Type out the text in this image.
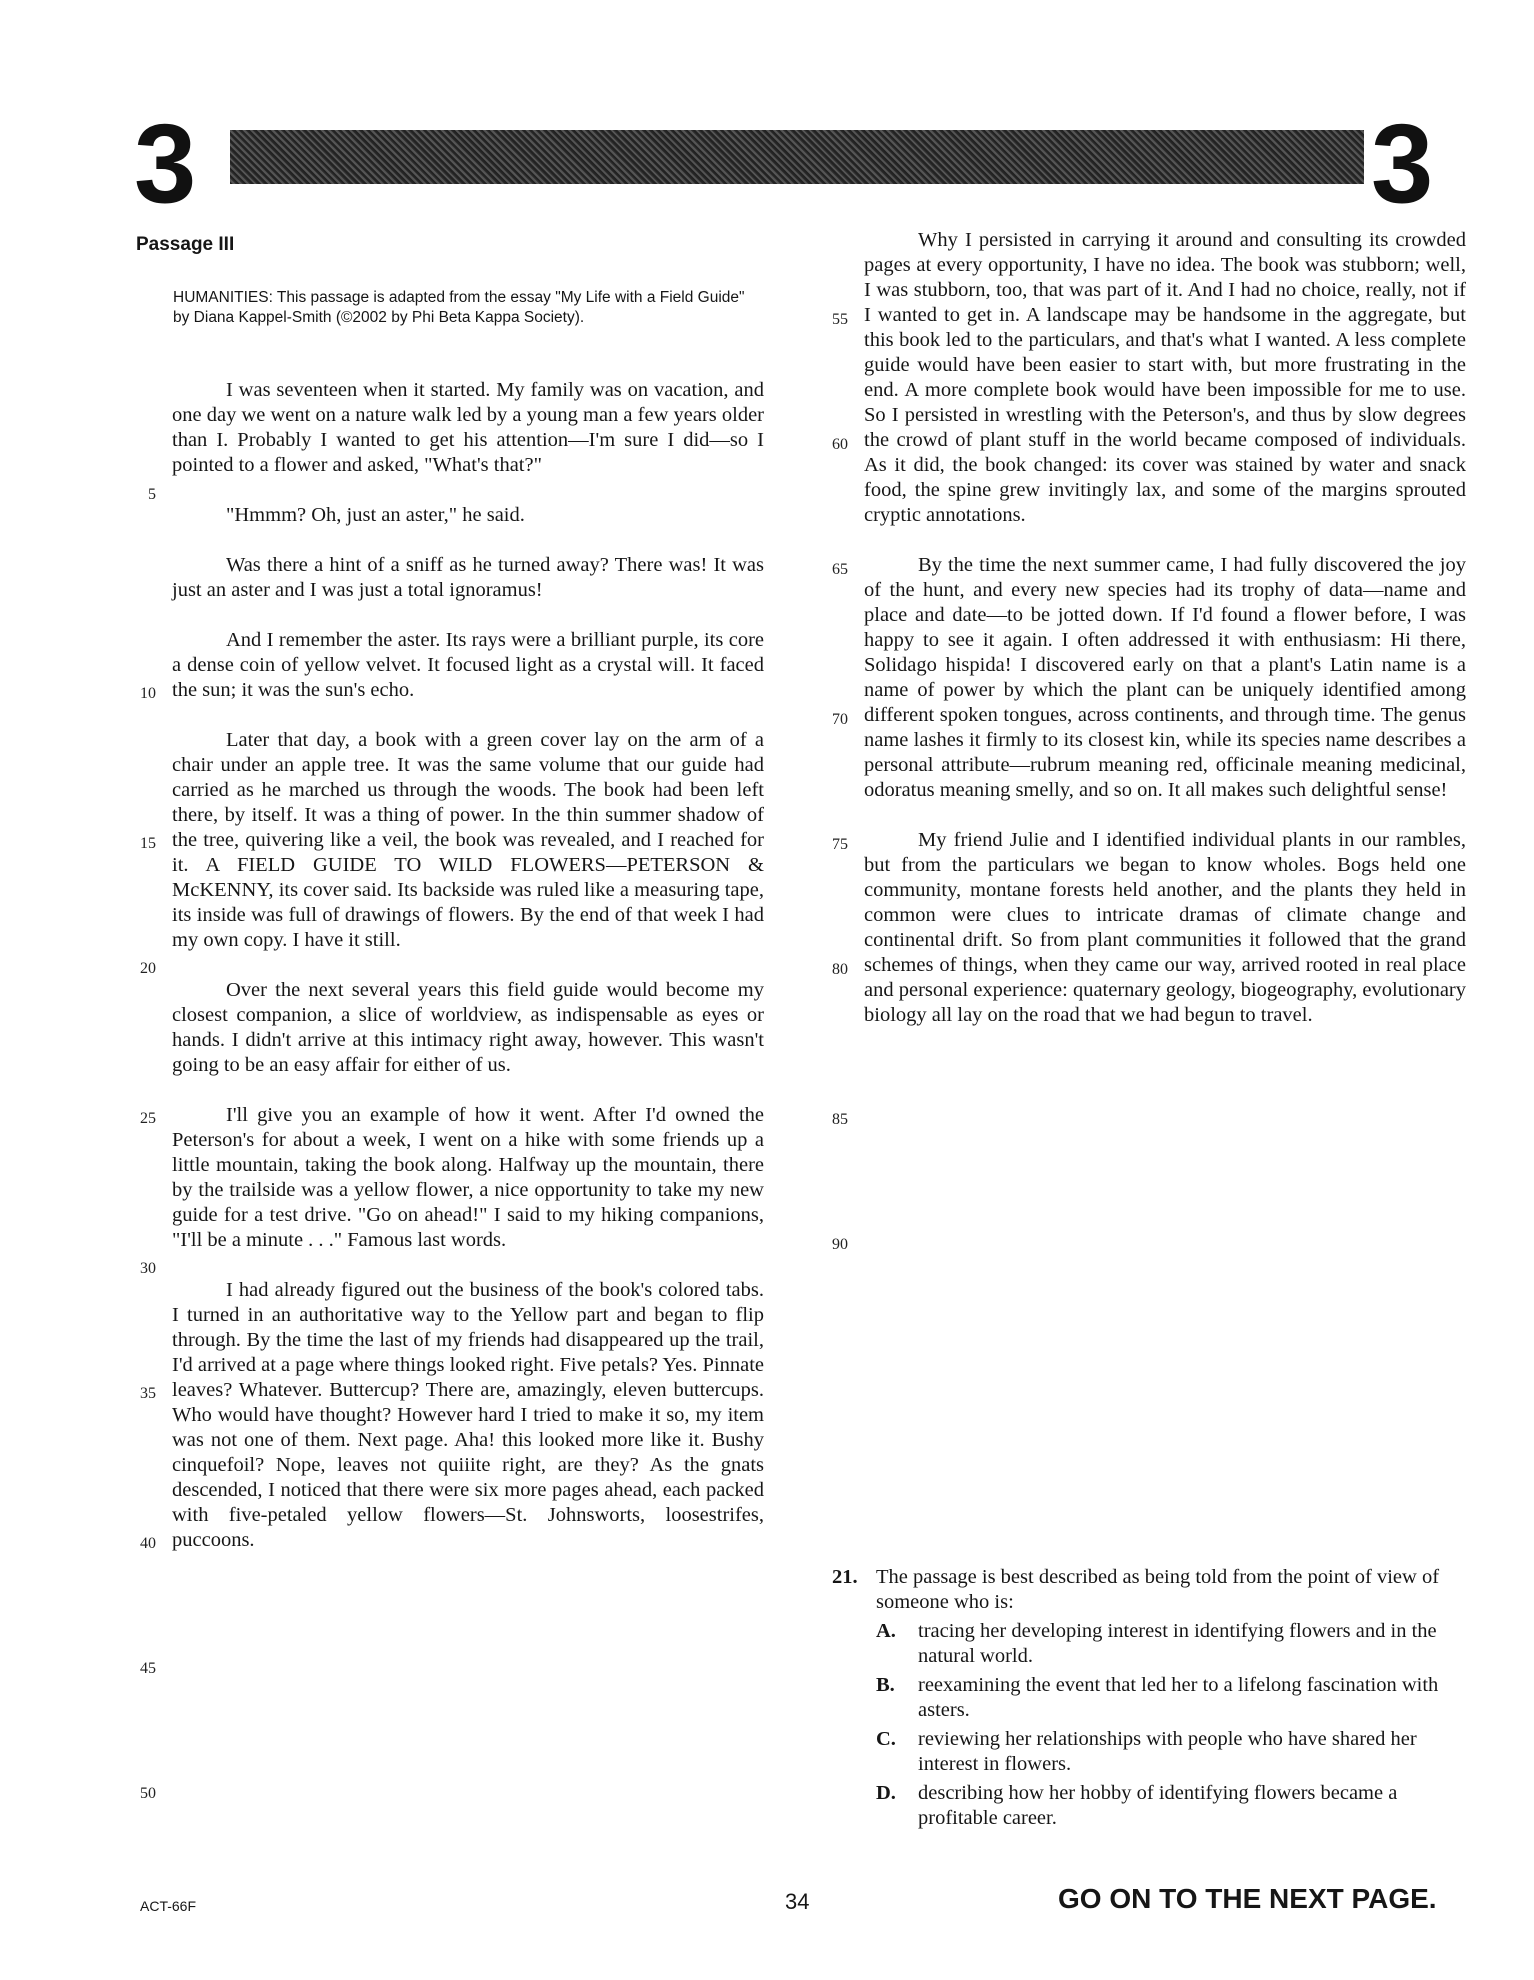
3	3
Passage III
HUMANITIES: This passage is adapted from the essay "My Life with a Field Guide" by Diana Kappel-Smith (©2002 by Phi Beta Kappa Society).

I was seventeen when it started. My family was on vacation, and one day we went on a nature walk led by a young man a few years older than I. Probably I wanted to get his attention—I'm sure I did—so I pointed to a flower and asked, "What's that?"

"Hmmm? Oh, just an aster," he said.

Was there a hint of a sniff as he turned away? There was! It was just an aster and I was just a total ignoramus!

And I remember the aster. Its rays were a brilliant purple, its core a dense coin of yellow velvet. It focused light as a crystal will. It faced the sun; it was the sun's echo.

Later that day, a book with a green cover lay on the arm of a chair under an apple tree. It was the same volume that our guide had carried as he marched us through the woods. The book had been left there, by itself. It was a thing of power. In the thin summer shadow of the tree, quivering like a veil, the book was revealed, and I reached for it. A FIELD GUIDE TO WILD FLOWERS—PETERSON & McKENNY, its cover said. Its backside was ruled like a measuring tape, its inside was full of drawings of flowers. By the end of that week I had my own copy. I have it still.

Over the next several years this field guide would become my closest companion, a slice of worldview, as indispensable as eyes or hands. I didn't arrive at this intimacy right away, however. This wasn't going to be an easy affair for either of us.

I'll give you an example of how it went. After I'd owned the Peterson's for about a week, I went on a hike with some friends up a little mountain, taking the book along. Halfway up the mountain, there by the trailside was a yellow flower, a nice opportunity to take my new guide for a test drive. "Go on ahead!" I said to my hiking companions, "I'll be a minute . . ." Famous last words.

I had already figured out the business of the book's colored tabs. I turned in an authoritative way to the Yellow part and began to flip through. By the time the last of my friends had disappeared up the trail, I'd arrived at a page where things looked right. Five petals? Yes. Pinnate leaves? Whatever. Buttercup? There are, amazingly, eleven buttercups. Who would have thought? However hard I tried to make it so, my item was not one of them. Next page. Aha! this looked more like it. Bushy cinquefoil? Nope, leaves not quiiite right, are they? As the gnats descended, I noticed that there were six more pages ahead, each packed with five-petaled yellow flowers—St. Johnsworts, loosestrifes, puccoons.

Why I persisted in carrying it around and consulting its crowded pages at every opportunity, I have no idea. The book was stubborn; well, I was stubborn, too, that was part of it. And I had no choice, really, not if I wanted to get in. A landscape may be handsome in the aggregate, but this book led to the particulars, and that's what I wanted. A less complete guide would have been easier to start with, but more frustrating in the end. A more complete book would have been impossible for me to use. So I persisted in wrestling with the Peterson's, and thus by slow degrees the crowd of plant stuff in the world became composed of individuals. As it did, the book changed: its cover was stained by water and snack food, the spine grew invitingly lax, and some of the margins sprouted cryptic annotations.

By the time the next summer came, I had fully discovered the joy of the hunt, and every new species had its trophy of data—name and place and date—to be jotted down. If I'd found a flower before, I was happy to see it again. I often addressed it with enthusiasm: Hi there, Solidago hispida! I discovered early on that a plant's Latin name is a name of power by which the plant can be uniquely identified among different spoken tongues, across continents, and through time. The genus name lashes it firmly to its closest kin, while its species name describes a personal attribute—rubrum meaning red, officinale meaning medicinal, odoratus meaning smelly, and so on. It all makes such delightful sense!

My friend Julie and I identified individual plants in our rambles, but from the particulars we began to know wholes. Bogs held one community, montane forests held another, and the plants they held in common were clues to intricate dramas of climate change and continental drift. So from plant communities it followed that the grand schemes of things, when they came our way, arrived rooted in real place and personal experience: quaternary geology, biogeography, evolutionary biology all lay on the road that we had begun to travel.

5
10
15
20
25
30
35
40
45
50
55
60
65
70
75
80
85
90
21. The passage is best described as being told from the point of view of someone who is:
A. tracing her developing interest in identifying flowers and in the natural world.
B. reexamining the event that led her to a lifelong fascination with asters.
C. reviewing her relationships with people who have shared her interest in flowers.
D. describing how her hobby of identifying flowers became a profitable career.
ACT-66F	34	GO ON TO THE NEXT PAGE.
